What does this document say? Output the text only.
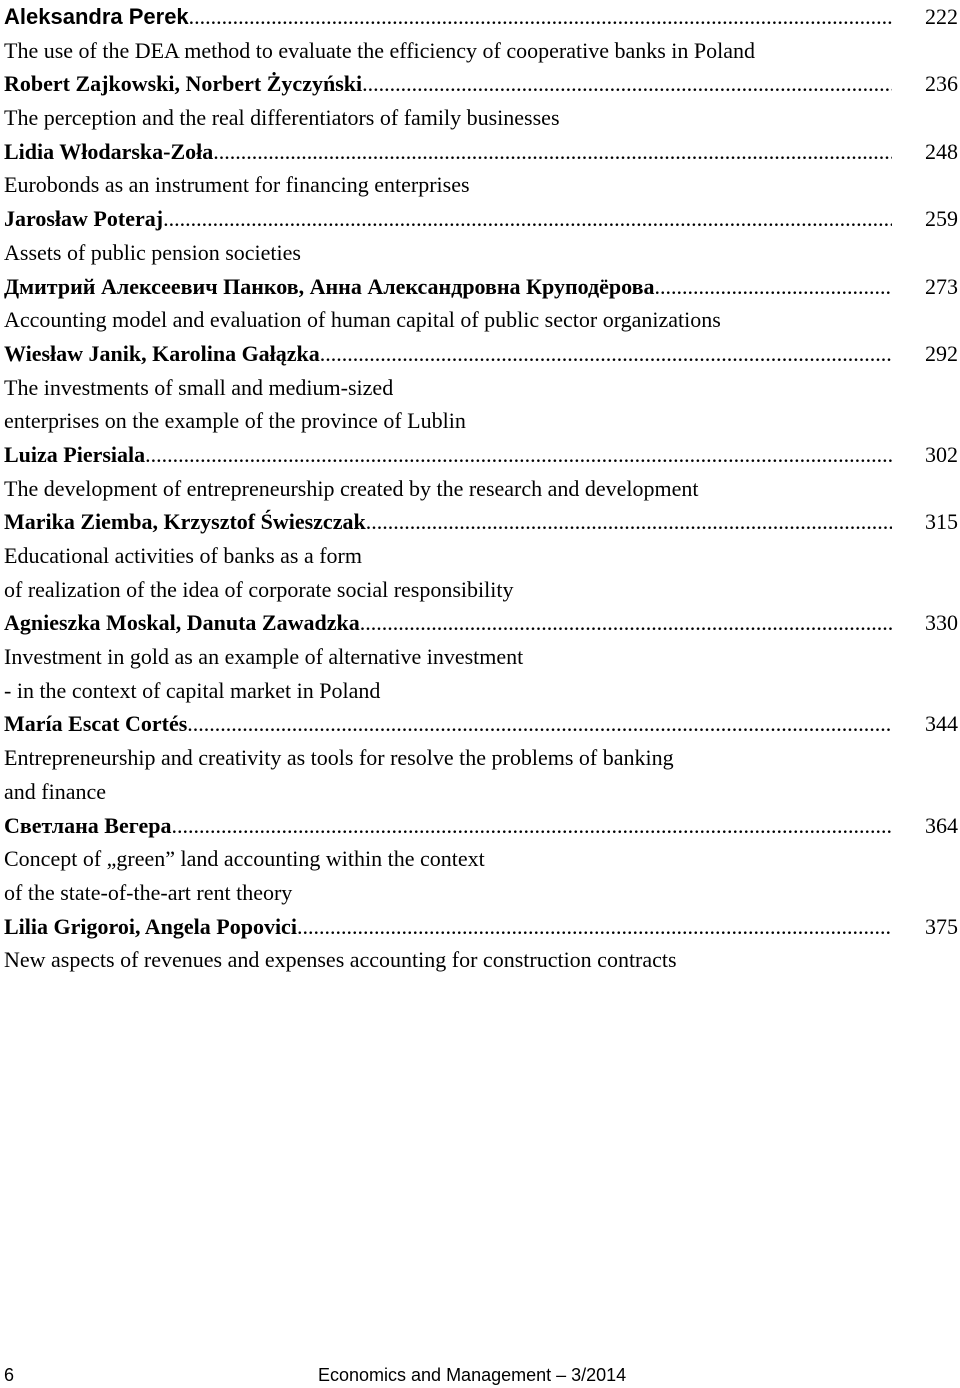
Aleksandra Perek .....	222
The use of the DEA method to evaluate the efficiency of cooperative banks in Poland
Robert Zajkowski, Norbert Życzyński .....	236
The perception and the real differentiators of family businesses
Lidia Włodarska-Zoła .....	248
Eurobonds as an instrument for financing enterprises
Jarosław Poteraj .....	259
Assets of public pension societies
Дмитрий Алексеевич Панков, Анна Александровна Круподёрова .....	273
Accounting model and evaluation of human capital of public sector organizations
Wiesław Janik, Karolina Gałązka .....	292
The investments of small and medium-sized
enterprises on the example of the province of Lublin
Luiza Piersiala .....	302
The development of entrepreneurship created by the research and development
Marika Ziemba, Krzysztof Świeszczak .....	315
Educational activities of banks as a form
of realization of the idea of corporate social responsibility
Agnieszka Moskal, Danuta Zawadzka .....	330
Investment in gold as an example of alternative investment
- in the context of capital market in Poland
María Escat Cortés .....	344
Entrepreneurship and creativity as tools for resolve the problems of banking
and finance
Светлана Вегера .....	364
Concept of „green” land accounting within the context
of the state-of-the-art rent theory
Lilia Grigoroi, Angela Popovici .....	375
New aspects of revenues and expenses accounting for construction contracts
6	Economics and Management – 3/2014
